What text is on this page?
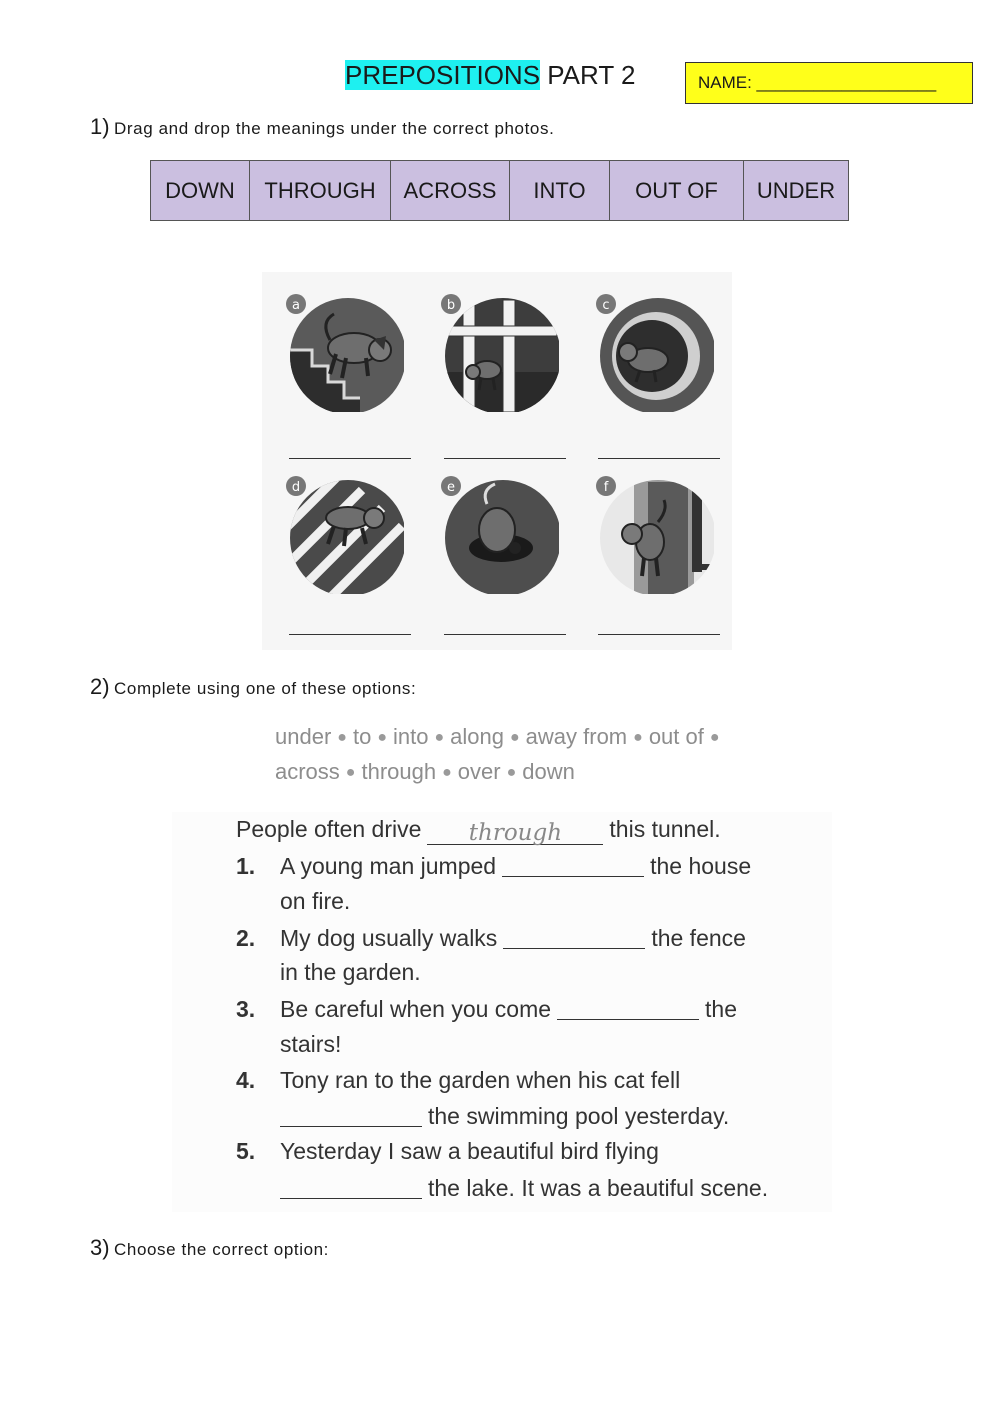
PREPOSITIONS PART 2	NAME: ___________________
1) Drag and drop the meanings under the correct photos.
DOWN	THROUGH	ACROSS	INTO	OUT OF	UNDER
a	b	c
d	e	f
2) Complete using one of these options:
under ● to ● into ● along ● away from ● out of ●
across ● through ● over ● down
People often drive through this tunnel.
1. A young man jumped	the house
on fire.
2. My dog usually walks	the fence
in the garden.
3. Be careful when you come	the
stairs!
4. Tony ran to the garden when his cat fell
the swimming pool yesterday.
5. Yesterday I saw a beautiful bird flying
the lake. It was a beautiful scene.
3) Choose the correct option:
